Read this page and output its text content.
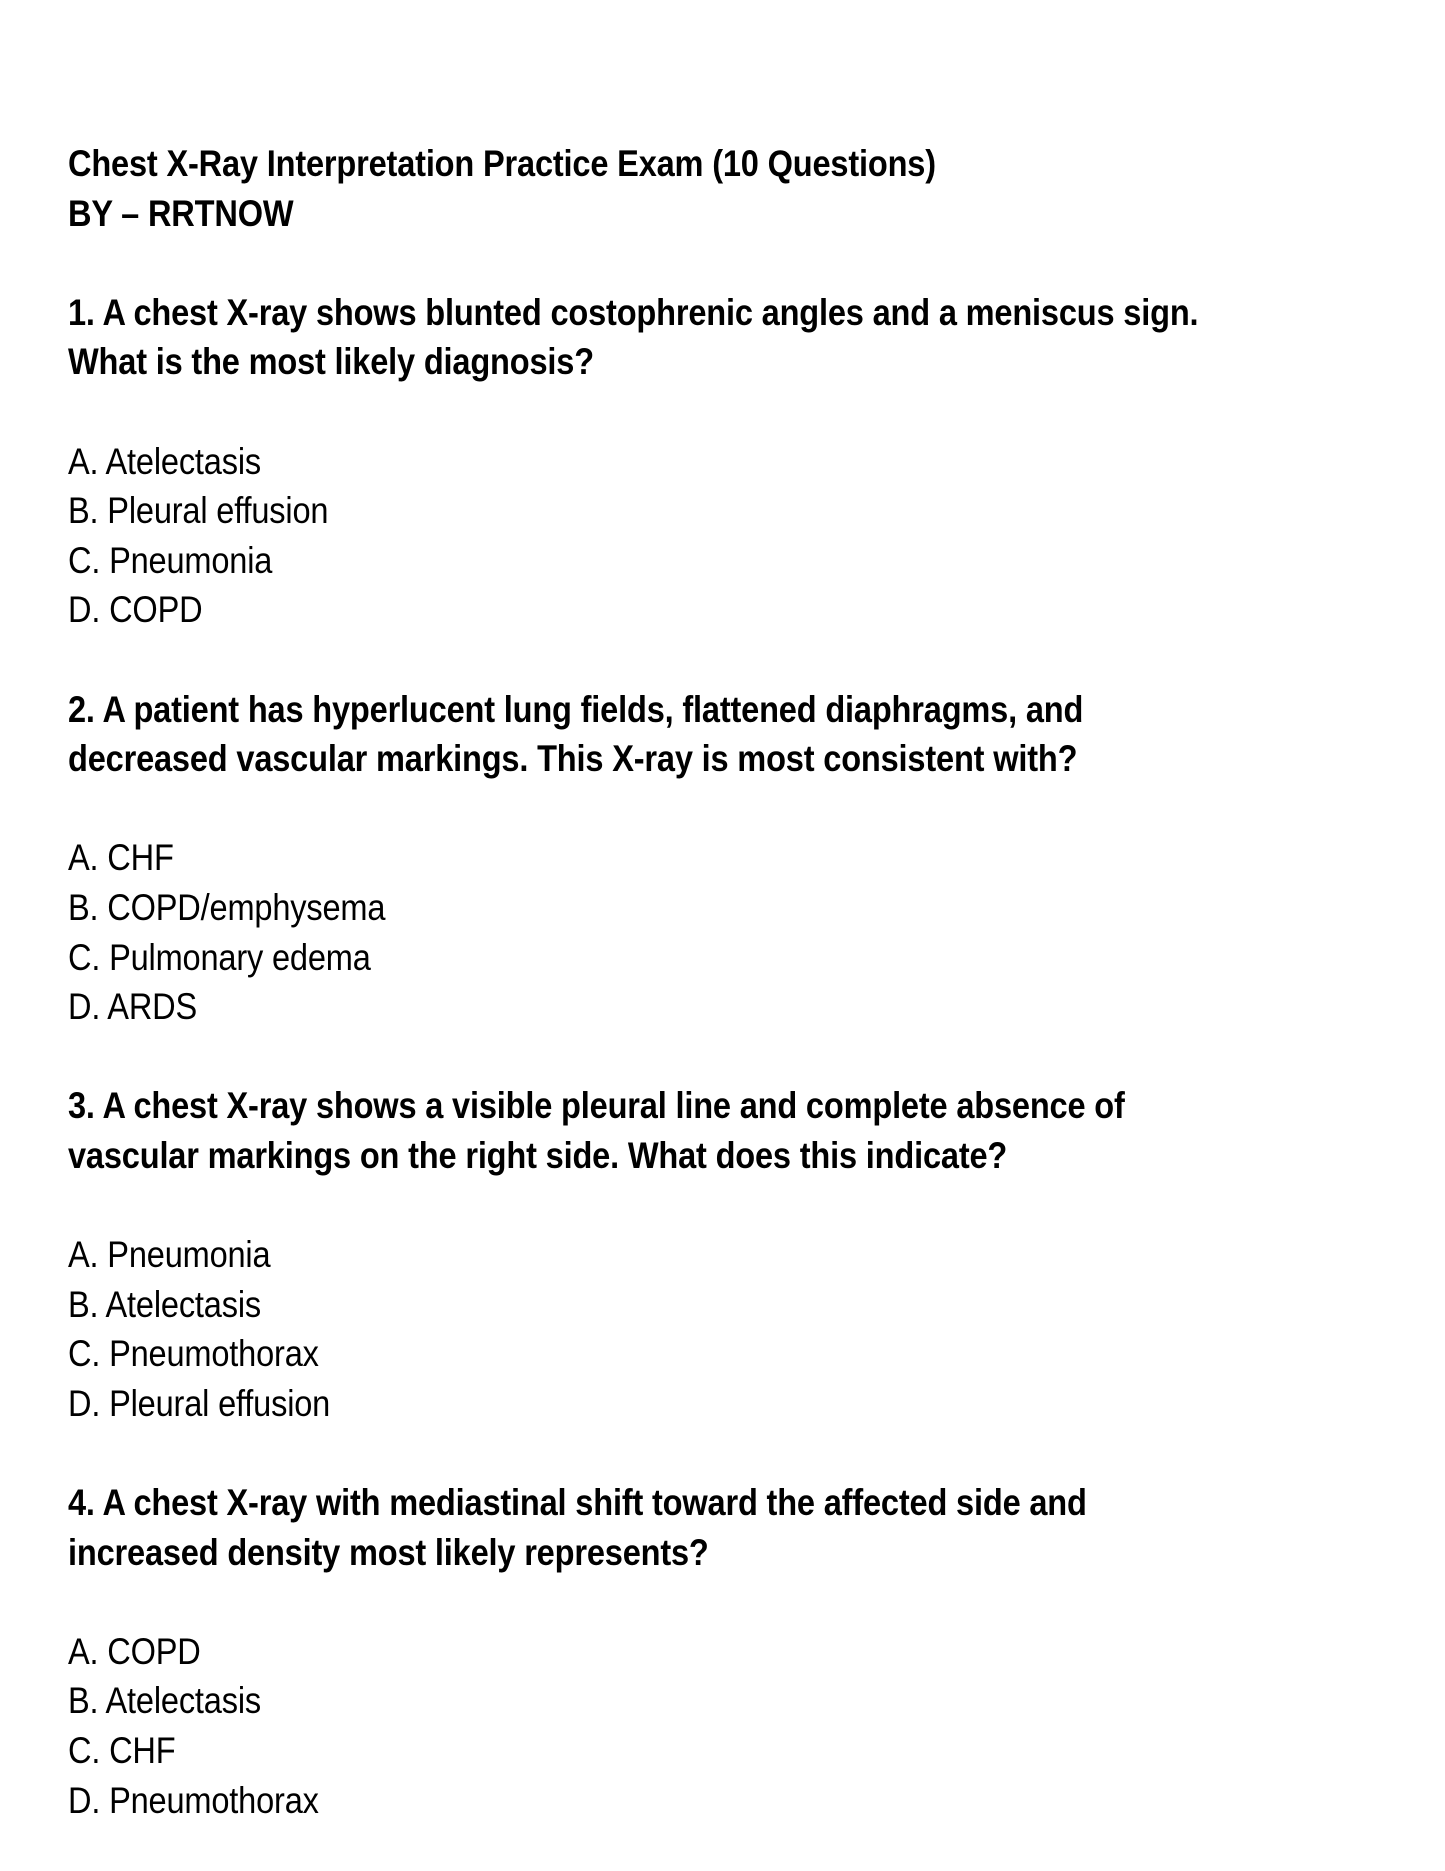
Chest X-Ray Interpretation Practice Exam (10 Questions)
BY – RRTNOW
1. A chest X-ray shows blunted costophrenic angles and a meniscus sign.
What is the most likely diagnosis?
A. Atelectasis
B. Pleural effusion
C. Pneumonia
D. COPD
2. A patient has hyperlucent lung fields, flattened diaphragms, and
decreased vascular markings. This X-ray is most consistent with?
A. CHF
B. COPD/emphysema
C. Pulmonary edema
D. ARDS
3. A chest X-ray shows a visible pleural line and complete absence of
vascular markings on the right side. What does this indicate?
A. Pneumonia
B. Atelectasis
C. Pneumothorax
D. Pleural effusion
4. A chest X-ray with mediastinal shift toward the affected side and
increased density most likely represents?
A. COPD
B. Atelectasis
C. CHF
D. Pneumothorax
